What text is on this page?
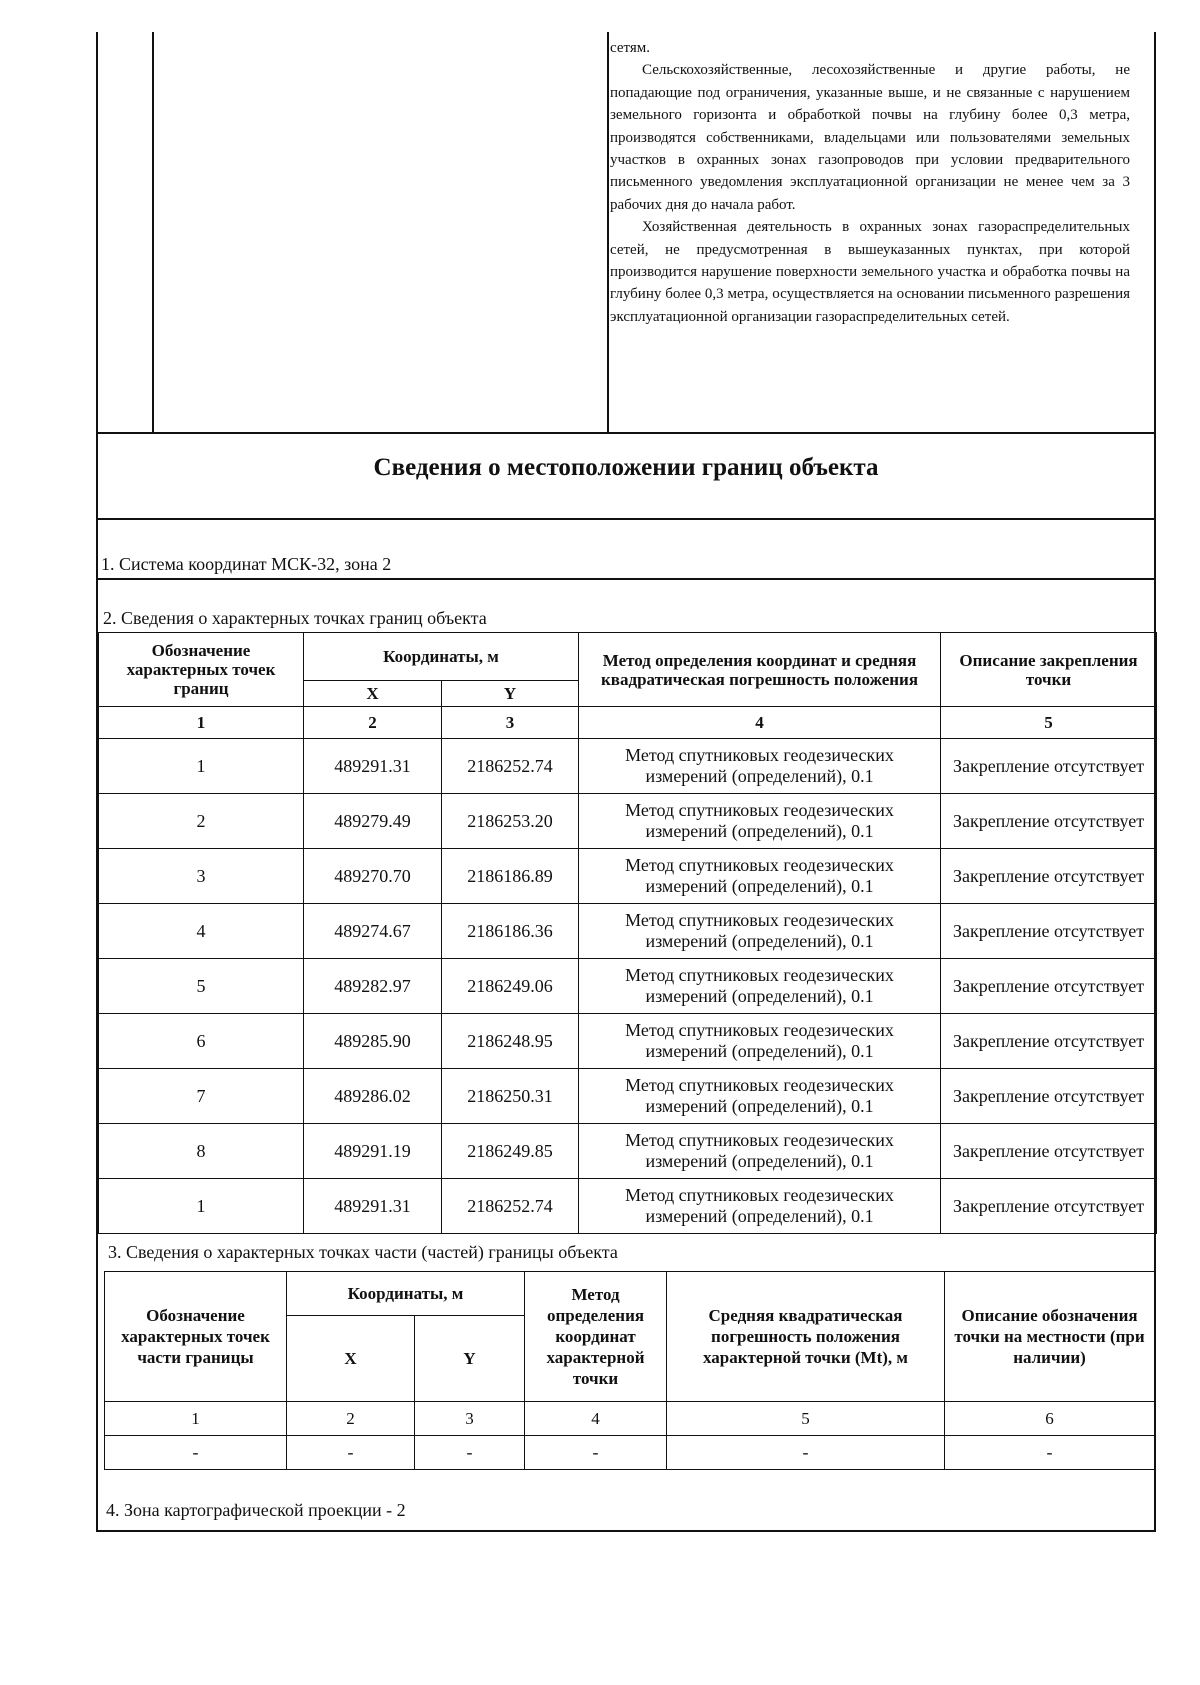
сетям.

Сельскохозяйственные, лесохозяйственные и другие работы, не попадающие под ограничения, указанные выше, и не связанные с нарушением земельного горизонта и обработкой почвы на глубину более 0,3 метра, производятся собственниками, владельцами или пользователями земельных участков в охранных зонах газопроводов при условии предварительного письменного уведомления эксплуатационной организации не менее чем за 3 рабочих дня до начала работ.

Хозяйственная деятельность в охранных зонах газораспределительных сетей, не предусмотренная в вышеуказанных пунктах, при которой производится нарушение поверхности земельного участка и обработка почвы на глубину более 0,3 метра, осуществляется на основании письменного разрешения эксплуатационной организации газораспределительных сетей.

Сведения о местоположении границ объекта
1. Система координат МСК-32, зона 2
2. Сведения о характерных точках границ объекта
Обозначение характерных точек границ	Координаты, м		Метод определения координат и средняя квадратическая погрешность положения	Описание закрепления точки
	X	Y		
1	2	3	4	5
1	489291.31	2186252.74	Метод спутниковых геодезических измерений (определений), 0.1	Закрепление отсутствует
2	489279.49	2186253.20	Метод спутниковых геодезических измерений (определений), 0.1	Закрепление отсутствует
3	489270.70	2186186.89	Метод спутниковых геодезических измерений (определений), 0.1	Закрепление отсутствует
4	489274.67	2186186.36	Метод спутниковых геодезических измерений (определений), 0.1	Закрепление отсутствует
5	489282.97	2186249.06	Метод спутниковых геодезических измерений (определений), 0.1	Закрепление отсутствует
6	489285.90	2186248.95	Метод спутниковых геодезических измерений (определений), 0.1	Закрепление отсутствует
7	489286.02	2186250.31	Метод спутниковых геодезических измерений (определений), 0.1	Закрепление отсутствует
8	489291.19	2186249.85	Метод спутниковых геодезических измерений (определений), 0.1	Закрепление отсутствует
1	489291.31	2186252.74	Метод спутниковых геодезических измерений (определений), 0.1	Закрепление отсутствует
3. Сведения о характерных точках части (частей) границы объекта
Обозначение характерных точек части границы	Координаты, м		Метод определения координат характерной точки	Средняя квадратическая погрешность положения характерной точки (Mt), м	Описание обозначения точки на местности (при наличии)
	X	Y			
1	2	3	4	5	6
-	-	-	-	-	-
4. Зона картографической проекции - 2
